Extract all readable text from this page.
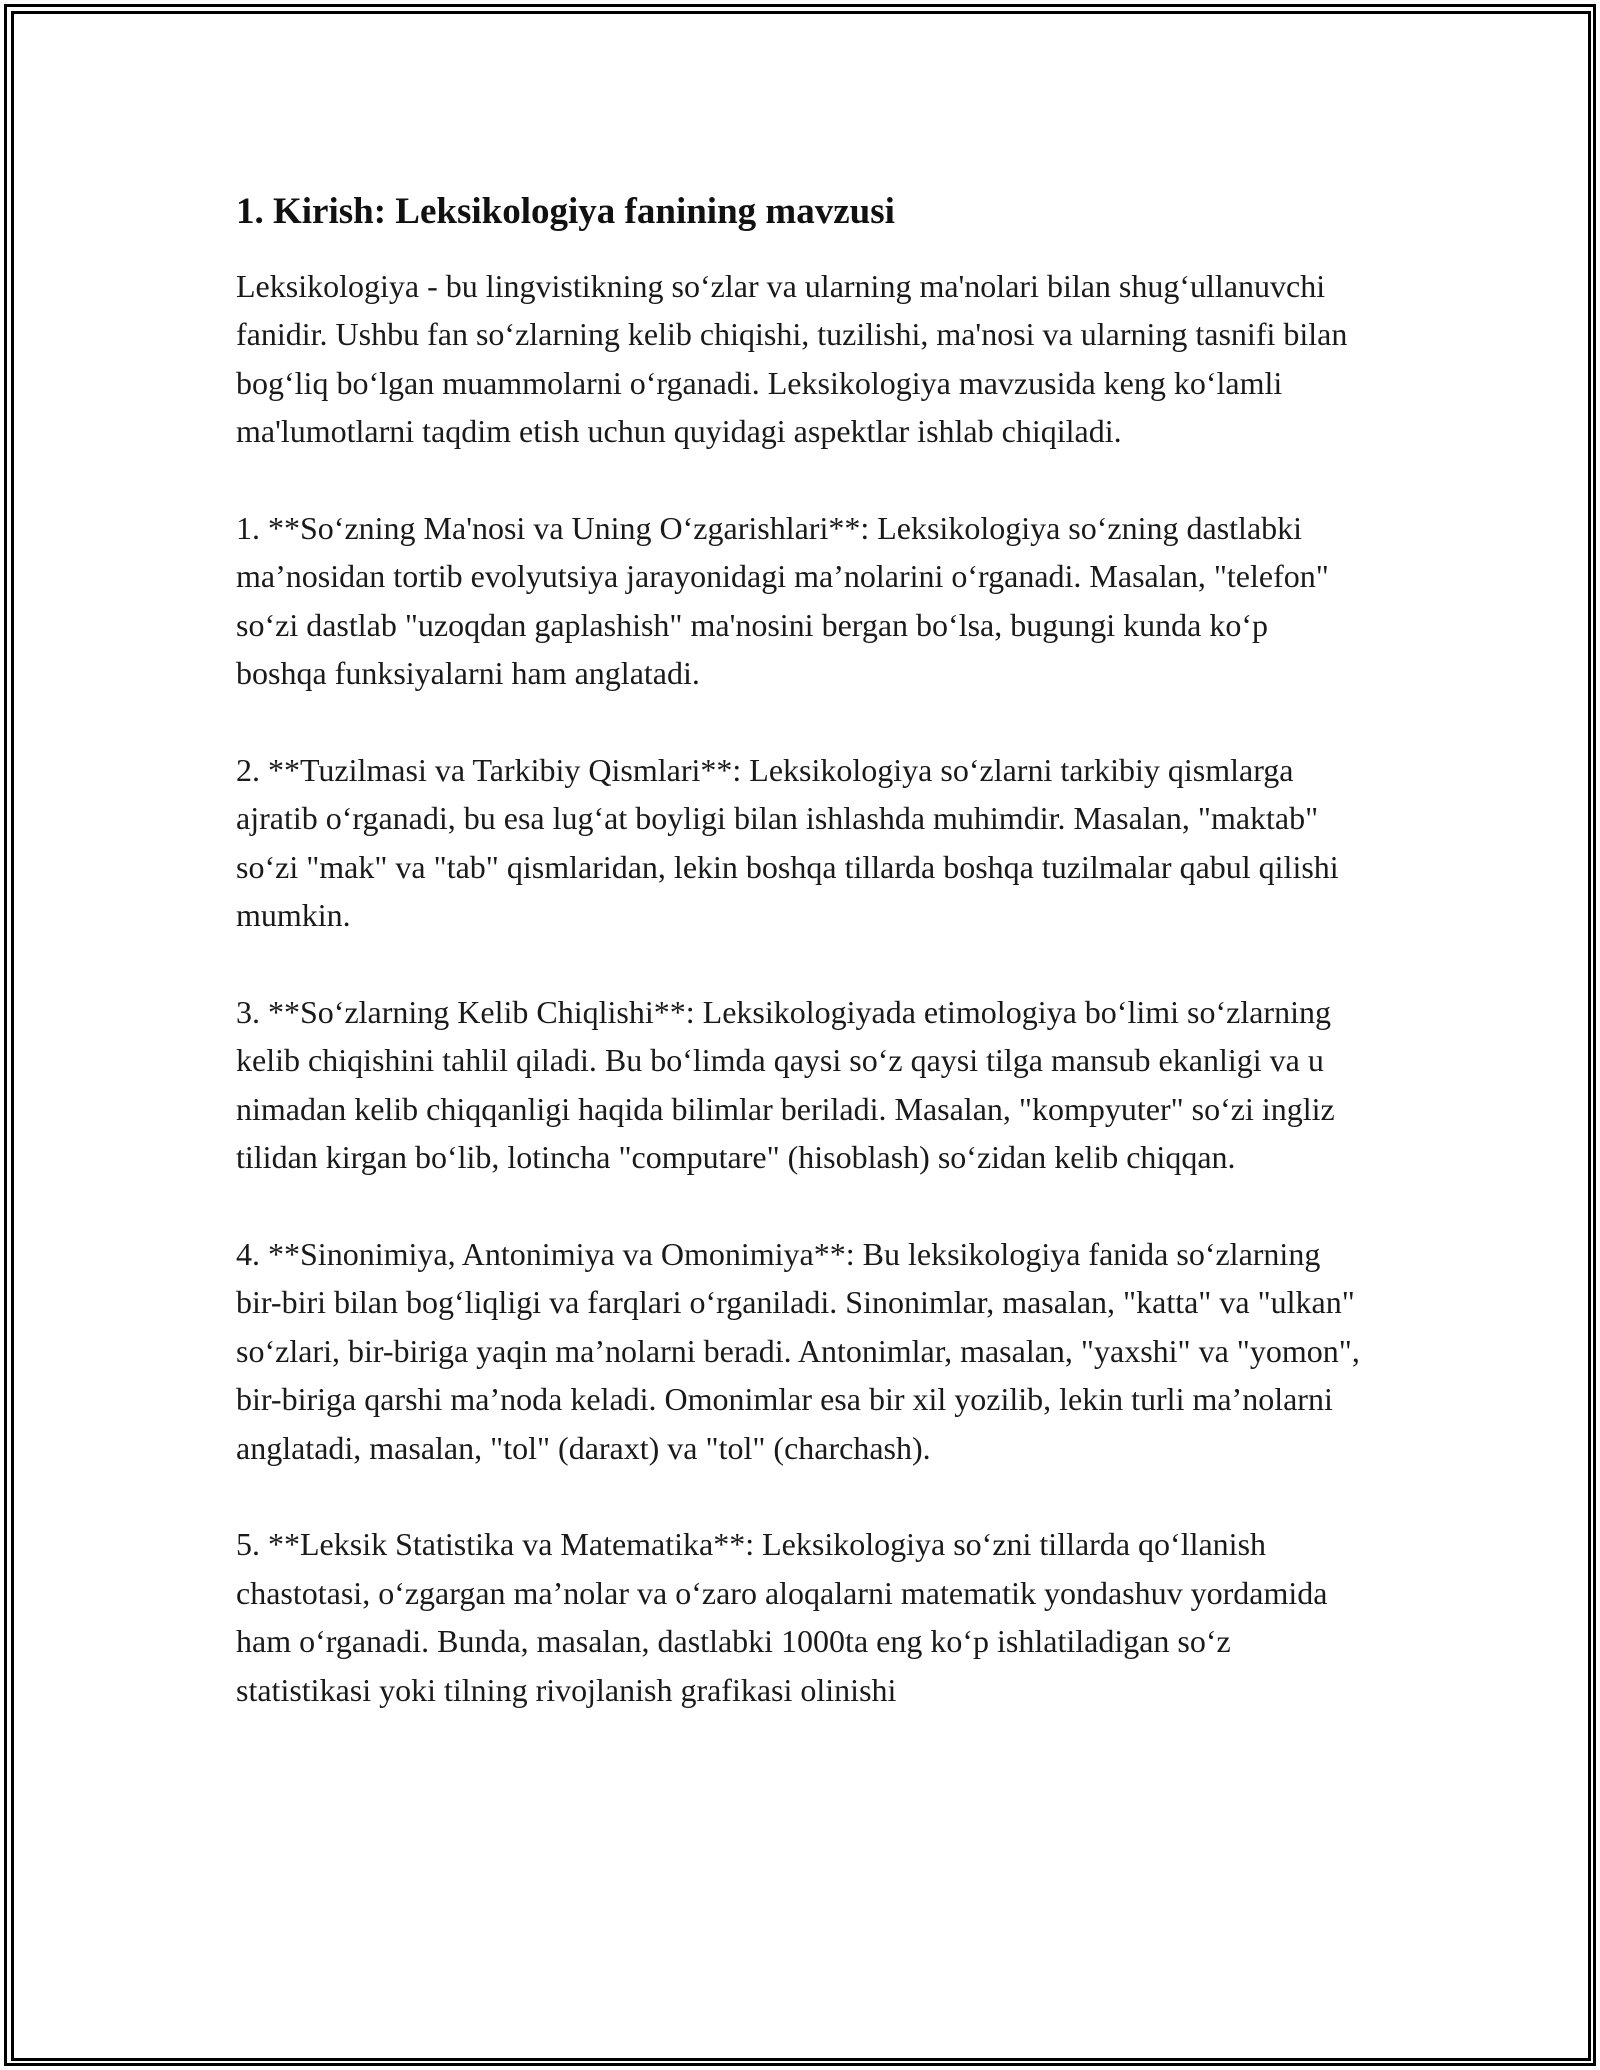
1. Kirish: Leksikologiya fanining mavzusi

Leksikologiya - bu lingvistikning so‘zlar va ularning ma'nolari bilan shug‘ullanuvchi fanidir. Ushbu fan so‘zlarning kelib chiqishi, tuzilishi, ma'nosi va ularning tasnifi bilan bog‘liq bo‘lgan muammolarni o‘rganadi. Leksikologiya mavzusida keng ko‘lamli ma'lumotlarni taqdim etish uchun quyidagi aspektlar ishlab chiqiladi.

1. **So‘zning Ma'nosi va Uning O‘zgarishlari**: Leksikologiya so‘zning dastlabki ma’nosidan tortib evolyutsiya jarayonidagi ma’nolarini o‘rganadi. Masalan, "telefon" so‘zi dastlab "uzoqdan gaplashish" ma'nosini bergan bo‘lsa, bugungi kunda ko‘p boshqa funksiyalarni ham anglatadi.

2. **Tuzilmasi va Tarkibiy Qismlari**: Leksikologiya so‘zlarni tarkibiy qismlarga ajratib o‘rganadi, bu esa lug‘at boyligi bilan ishlashda muhimdir. Masalan, "maktab" so‘zi "mak" va "tab" qismlaridan, lekin boshqa tillarda boshqa tuzilmalar qabul qilishi mumkin.

3. **So‘zlarning Kelib Chiqlishi**: Leksikologiyada etimologiya bo‘limi so‘zlarning kelib chiqishini tahlil qiladi. Bu bo‘limda qaysi so‘z qaysi tilga mansub ekanligi va u nimadan kelib chiqqanligi haqida bilimlar beriladi. Masalan, "kompyuter" so‘zi ingliz tilidan kirgan bo‘lib, lotincha "computare" (hisoblash) so‘zidan kelib chiqqan.

4. **Sinonimiya, Antonimiya va Omonimiya**: Bu leksikologiya fanida so‘zlarning bir-biri bilan bog‘liqligi va farqlari o‘rganiladi. Sinonimlar, masalan, "katta" va "ulkan" so‘zlari, bir-biriga yaqin ma’nolarni beradi. Antonimlar, masalan, "yaxshi" va "yomon", bir-biriga qarshi ma’noda keladi. Omonimlar esa bir xil yozilib, lekin turli ma’nolarni anglatadi, masalan, "tol" (daraxt) va "tol" (charchash).

5. **Leksik Statistika va Matematika**: Leksikologiya so‘zni tillarda qo‘llanish chastotasi, o‘zgargan ma’nolar va o‘zaro aloqalarni matematik yondashuv yordamida ham o‘rganadi. Bunda, masalan, dastlabki 1000ta eng ko‘p ishlatiladigan so‘z statistikasi yoki tilning rivojlanish grafikasi olinishi
